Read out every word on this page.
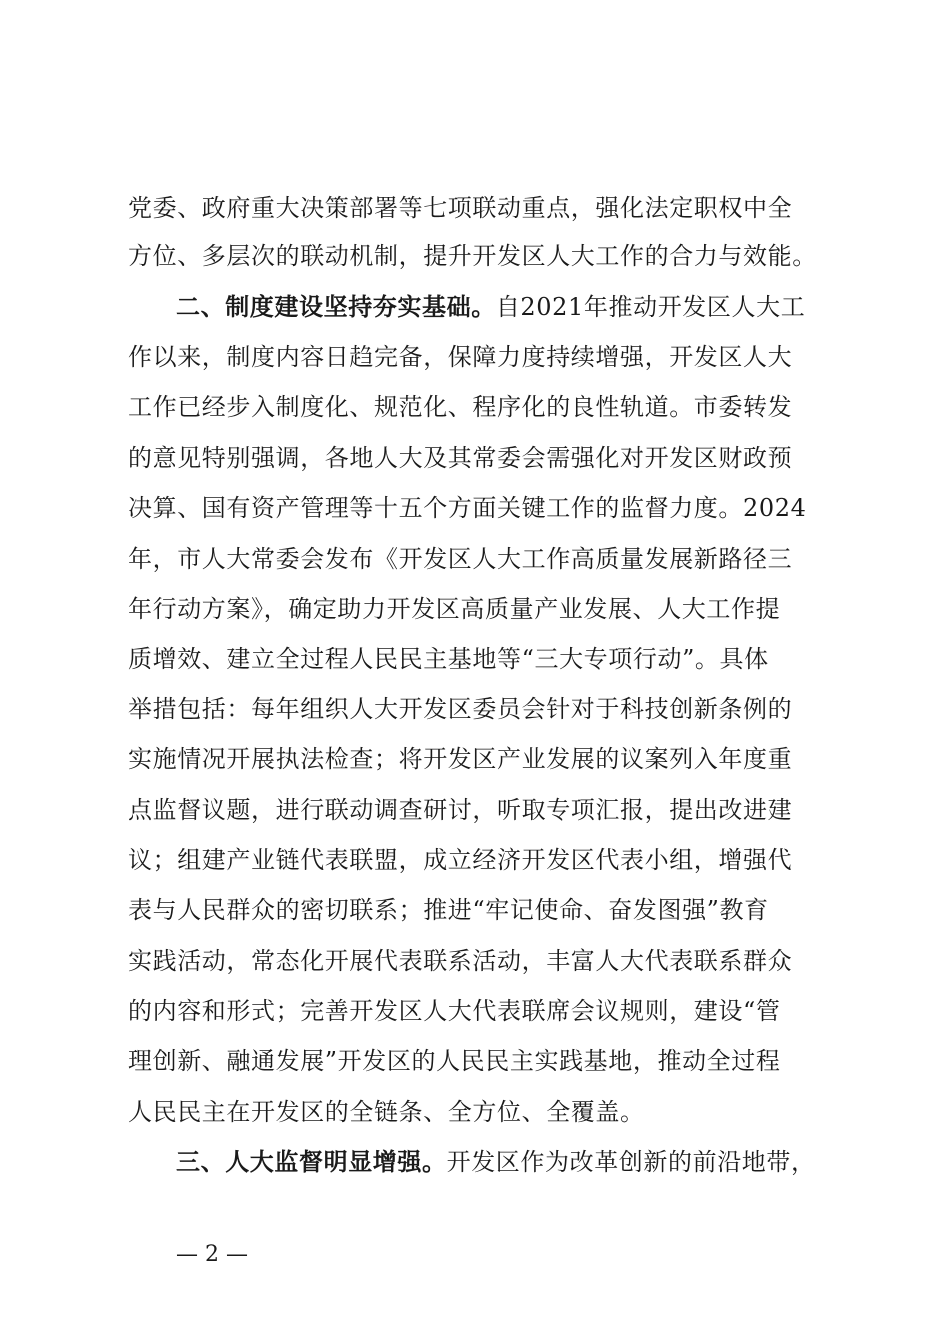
党委、政府重大决策部署等七项联动重点，强化法定职权中全
方位、多层次的联动机制，提升开发区人大工作的合力与效能。
二、制度建设坚持夯实基础。自2021年推动开发区人大工
作以来，制度内容日趋完备，保障力度持续增强，开发区人大
工作已经步入制度化、规范化、程序化的良性轨道。市委转发
的意见特别强调，各地人大及其常委会需强化对开发区财政预
决算、国有资产管理等十五个方面关键工作的监督力度。2024
年，市人大常委会发布《开发区人大工作高质量发展新路径三
年行动方案》，确定助力开发区高质量产业发展、人大工作提
质增效、建立全过程人民民主基地等“三大专项行动”。具体
举措包括：每年组织人大开发区委员会针对于科技创新条例的
实施情况开展执法检查；将开发区产业发展的议案列入年度重
点监督议题，进行联动调查研讨，听取专项汇报，提出改进建
议；组建产业链代表联盟，成立经济开发区代表小组，增强代
表与人民群众的密切联系；推进“牢记使命、奋发图强”教育
实践活动，常态化开展代表联系活动，丰富人大代表联系群众
的内容和形式；完善开发区人大代表联席会议规则，建设“管
理创新、融通发展”开发区的人民民主实践基地，推动全过程
人民民主在开发区的全链条、全方位、全覆盖。
三、人大监督明显增强。开发区作为改革创新的前沿地带，
— 2 —
